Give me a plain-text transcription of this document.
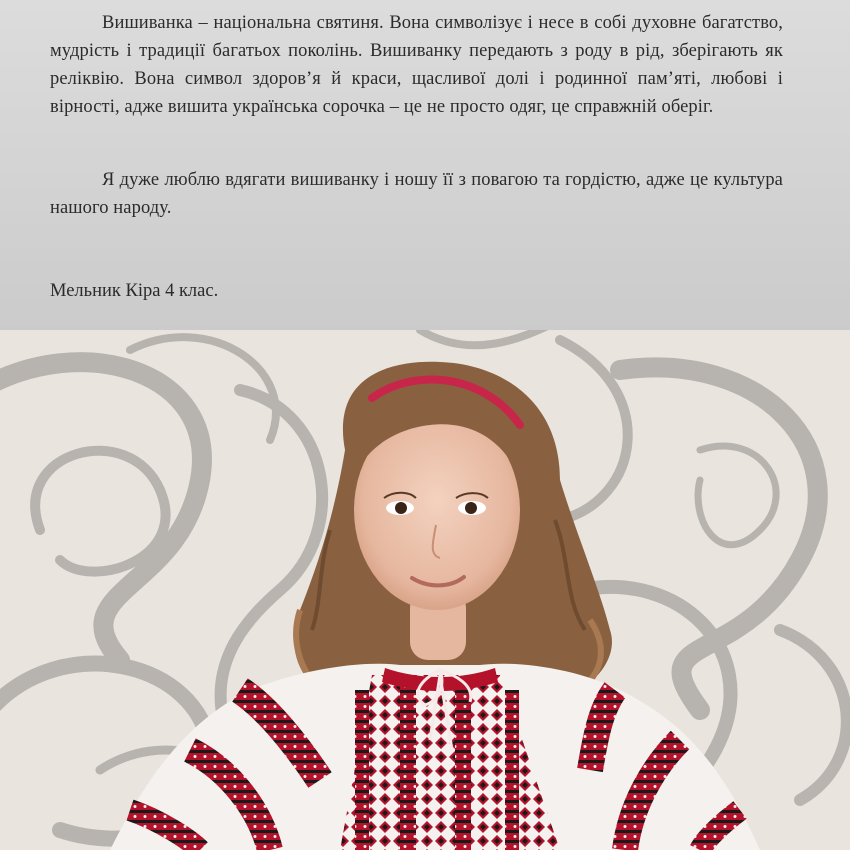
Вишиванка – національна святиня. Вона символізує і несе в собі духовне багатство, мудрість і традиції багатьох поколінь. Вишиванку передають з роду в рід, зберігають як реліквію. Вона символ здоров’я й краси, щасливої долі і родинної пам’яті, любові і вірності, адже вишита українська сорочка – це не просто одяг, це справжній оберіг.

Я дуже люблю вдягати вишиванку і ношу її з повагою та гордістю, адже це культура нашого народу.

Мельник Кіра 4 клас.
